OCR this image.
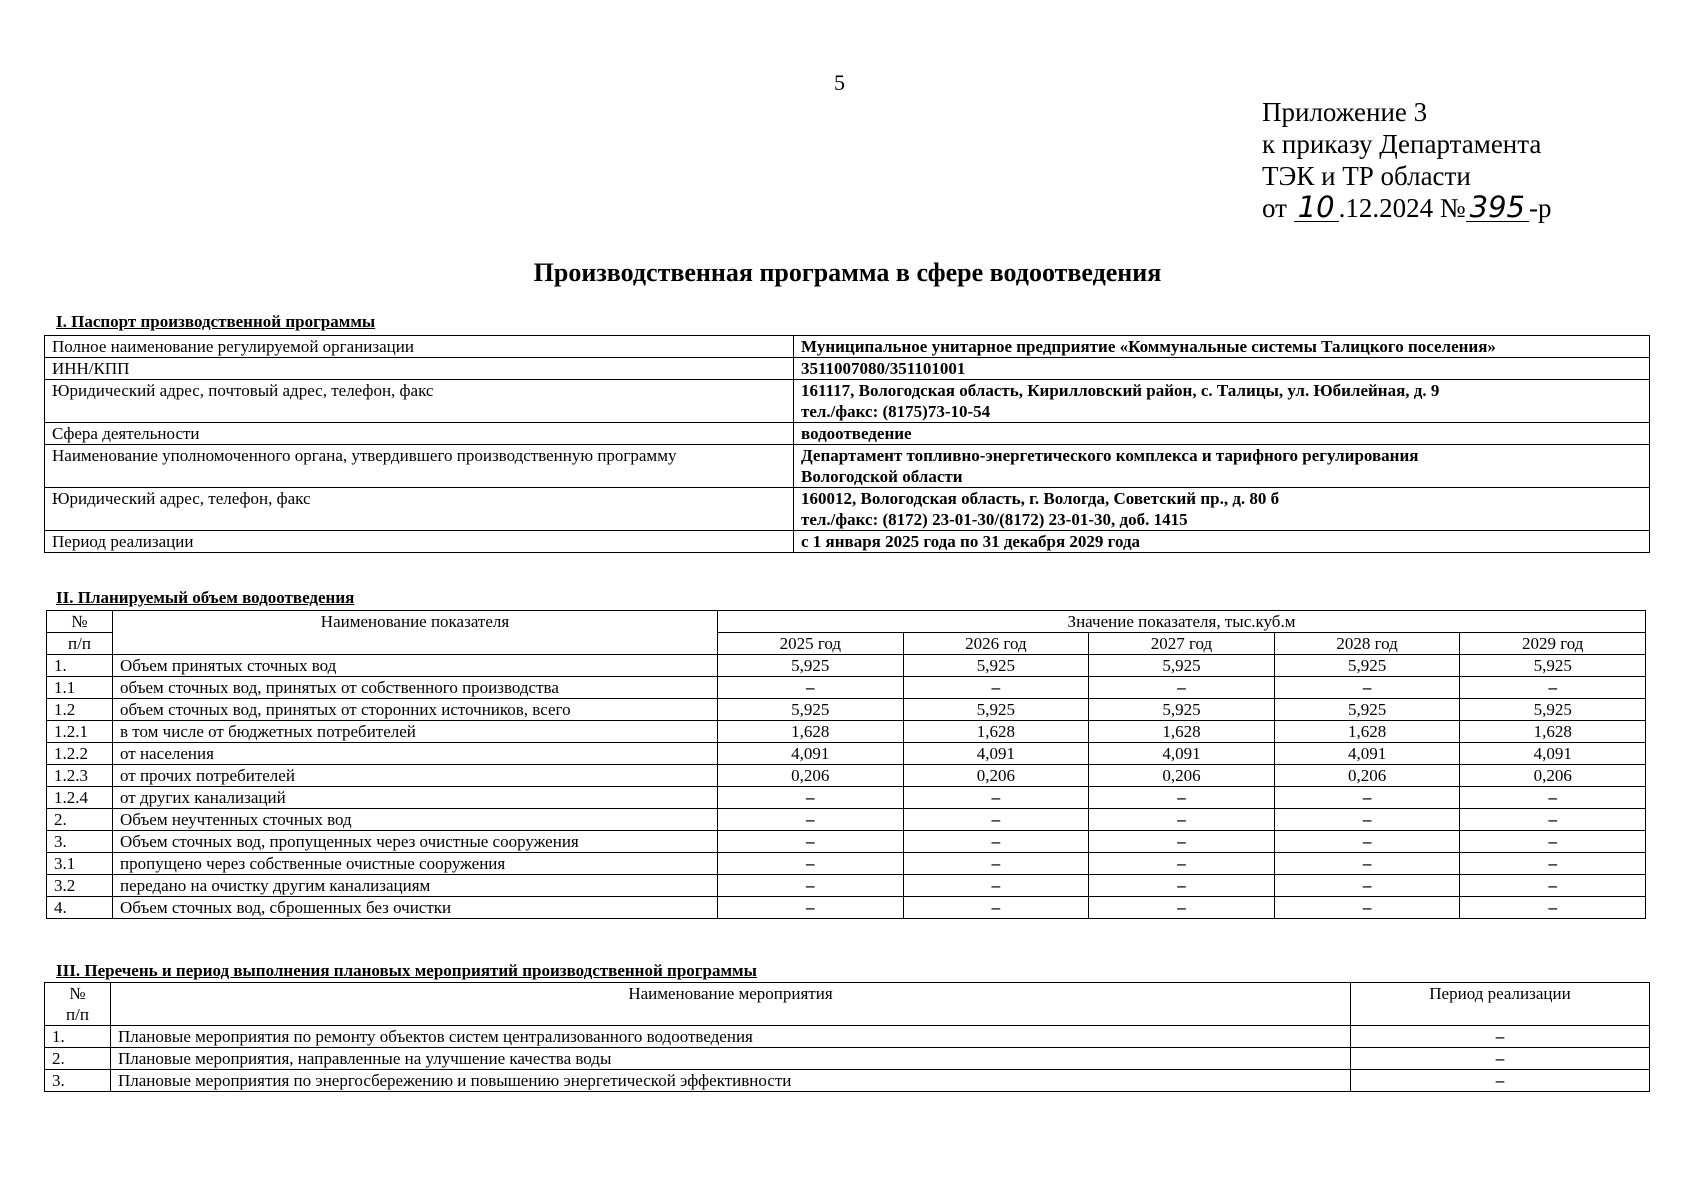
5
Приложение 3
к приказу Департамента
ТЭК и ТР области
от 10 .12.2024 № 395 -р
Производственная программа в сфере водоотведения
I. Паспорт производственной программы
Полное наименование регулируемой организации	Муниципальное унитарное предприятие «Коммунальные системы Талицкого поселения»

ИНН/КПП	3511007080/351101001

Юридический адрес, почтовый адрес, телефон, факс	161117, Вологодская область, Кирилловский район, с. Талицы, ул. Юбилейная, д. 9
тел./факс: (8175)73-10-54

Сфера деятельности	водоотведение

Наименование уполномоченного органа, утвердившего производственную программу	Департамент топливно-энергетического комплекса и тарифного регулирования
Вологодской области

Юридический адрес, телефон, факс	160012, Вологодская область, г. Вологда, Советский пр., д. 80 б
тел./факс: (8172) 23-01-30/(8172) 23-01-30, доб. 1415

Период реализации	с 1 января 2025 года по 31 декабря 2029 года
II. Планируемый объем водоотведения
№	Наименование показателя	Значение показателя, тыс.куб.м				
п/п		2025 год	2026 год	2027 год	2028 год	2029 год
1.	Объем принятых сточных вод	5,925	5,925	5,925	5,925	5,925
1.1	объем сточных вод, принятых от собственного производства	–	–	–	–	–
1.2	объем сточных вод, принятых от сторонних источников, всего	5,925	5,925	5,925	5,925	5,925
1.2.1	в том числе от бюджетных потребителей	1,628	1,628	1,628	1,628	1,628
1.2.2	от населения	4,091	4,091	4,091	4,091	4,091
1.2.3	от прочих потребителей	0,206	0,206	0,206	0,206	0,206
1.2.4	от других канализаций	–	–	–	–	–
2.	Объем неучтенных сточных вод	–	–	–	–	–
3.	Объем сточных вод, пропущенных через очистные сооружения	–	–	–	–	–
3.1	пропущено через собственные очистные сооружения	–	–	–	–	–
3.2	передано на очистку другим канализациям	–	–	–	–	–
4.	Объем сточных вод, сброшенных без очистки	–	–	–	–	–
III. Перечень и период выполнения плановых мероприятий производственной программы
№
п/п	Наименование мероприятия	Период реализации
1.	Плановые мероприятия по ремонту объектов систем централизованного водоотведения	–
2.	Плановые мероприятия, направленные на улучшение качества воды	–
3.	Плановые мероприятия по энергосбережению и повышению энергетической эффективности	–
